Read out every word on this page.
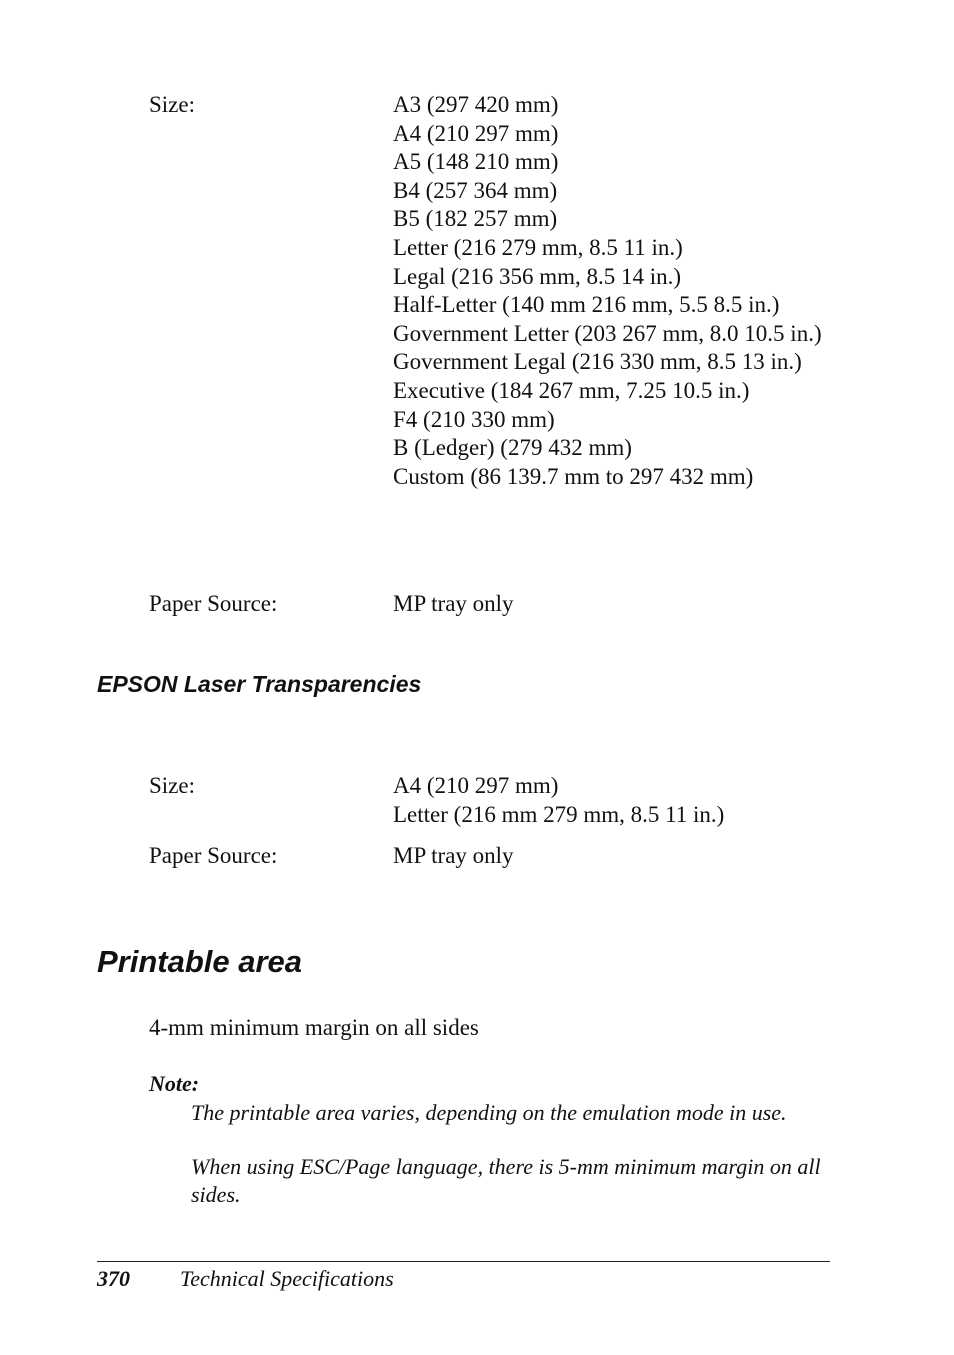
Size:	A3 (297 420 mm)
A4 (210 297 mm)
A5 (148 210 mm)
B4 (257 364 mm)
B5 (182 257 mm)
Letter (216 279 mm, 8.5 11 in.)
Legal (216 356 mm, 8.5 14 in.)
Half-Letter (140 mm 216 mm, 5.5 8.5 in.)
Government Letter (203 267 mm, 8.0 10.5 in.)
Government Legal (216 330 mm, 8.5 13 in.)
Executive (184 267 mm, 7.25 10.5 in.)
F4 (210 330 mm)
B (Ledger) (279 432 mm)
Custom (86 139.7 mm to 297 432 mm)
Paper Source:	MP tray only
EPSON Laser Transparencies
Size:	A4 (210 297 mm)
Letter (216 mm 279 mm, 8.5 11 in.)
Paper Source:	MP tray only
Printable area
4-mm minimum margin on all sides
Note:
The printable area varies, depending on the emulation mode in use.
When using ESC/Page language, there is 5-mm minimum margin on all sides.
370 Technical Specifications
